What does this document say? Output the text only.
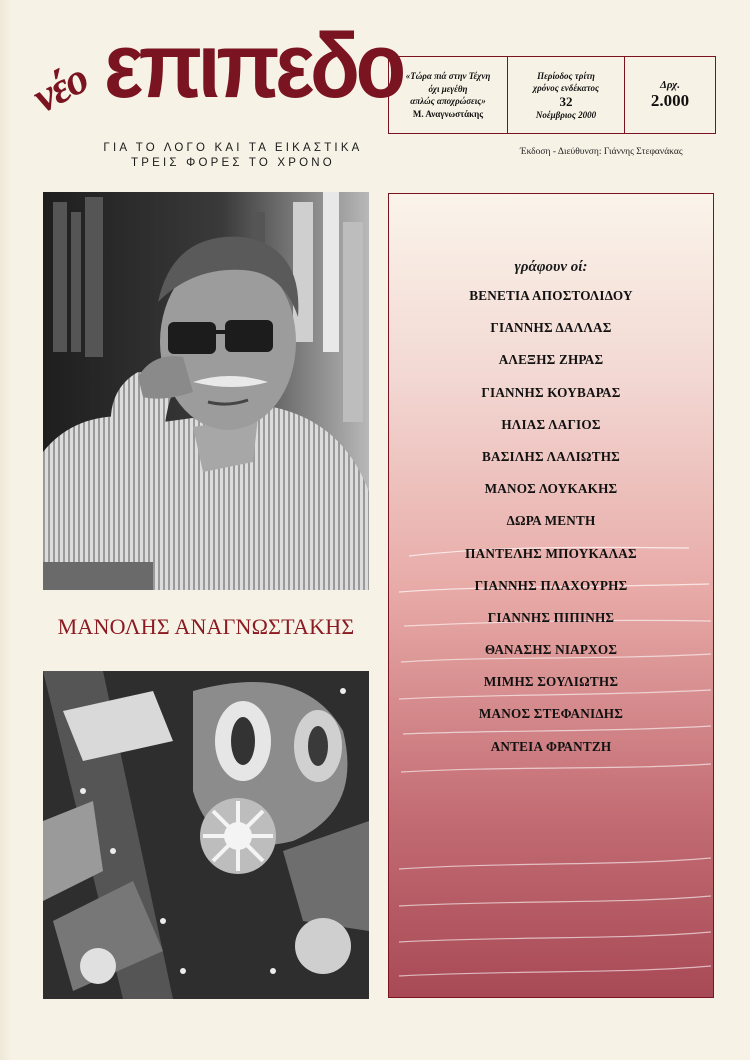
νέο επιπεδο
ΓΙΑ ΤΟ ΛΟΓΟ ΚΑΙ ΤΑ ΕΙΚΑΣΤΙΚΑ
ΤΡΕΙΣ ΦΟΡΕΣ ΤΟ ΧΡΟΝΟ
«Τώρα πιά στην Τέχνη
όχι μεγέθη
απλώς αποχρώσεις»
Μ. Αναγνωστάκης
Περίοδος τρίτη
χρόνος ενδέκατος
32
Νοέμβριος 2000
Δρχ.
2.000
Έκδοση - Διεύθυνση: Γιάννης Στεφανάκας
ΜΑΝΟΛΗΣ ΑΝΑΓΝΩΣΤΑΚΗΣ
γράφουν οί:
ΒΕΝΕΤΙΑ ΑΠΟΣΤΟΛΙΔΟΥ
ΓΙΑΝΝΗΣ ΔΑΛΛΑΣ
ΑΛΕΞΗΣ ΖΗΡΑΣ
ΓΙΑΝΝΗΣ ΚΟΥΒΑΡΑΣ
ΗΛΙΑΣ ΛΑΓΙΟΣ
ΒΑΣΙΛΗΣ ΛΑΛΙΩΤΗΣ
ΜΑΝΟΣ ΛΟΥΚΑΚΗΣ
ΔΩΡΑ ΜΕΝΤΗ
ΠΑΝΤΕΛΗΣ ΜΠΟΥΚΑΛΑΣ
ΓΙΑΝΝΗΣ ΠΛΑΧΟΥΡΗΣ
ΓΙΑΝΝΗΣ ΠΙΠΙΝΗΣ
ΘΑΝΑΣΗΣ ΝΙΑΡΧΟΣ
ΜΙΜΗΣ ΣΟΥΛΙΩΤΗΣ
ΜΑΝΟΣ ΣΤΕΦΑΝΙΔΗΣ
ΑΝΤΕΙΑ ΦΡΑΝΤΖΗ
